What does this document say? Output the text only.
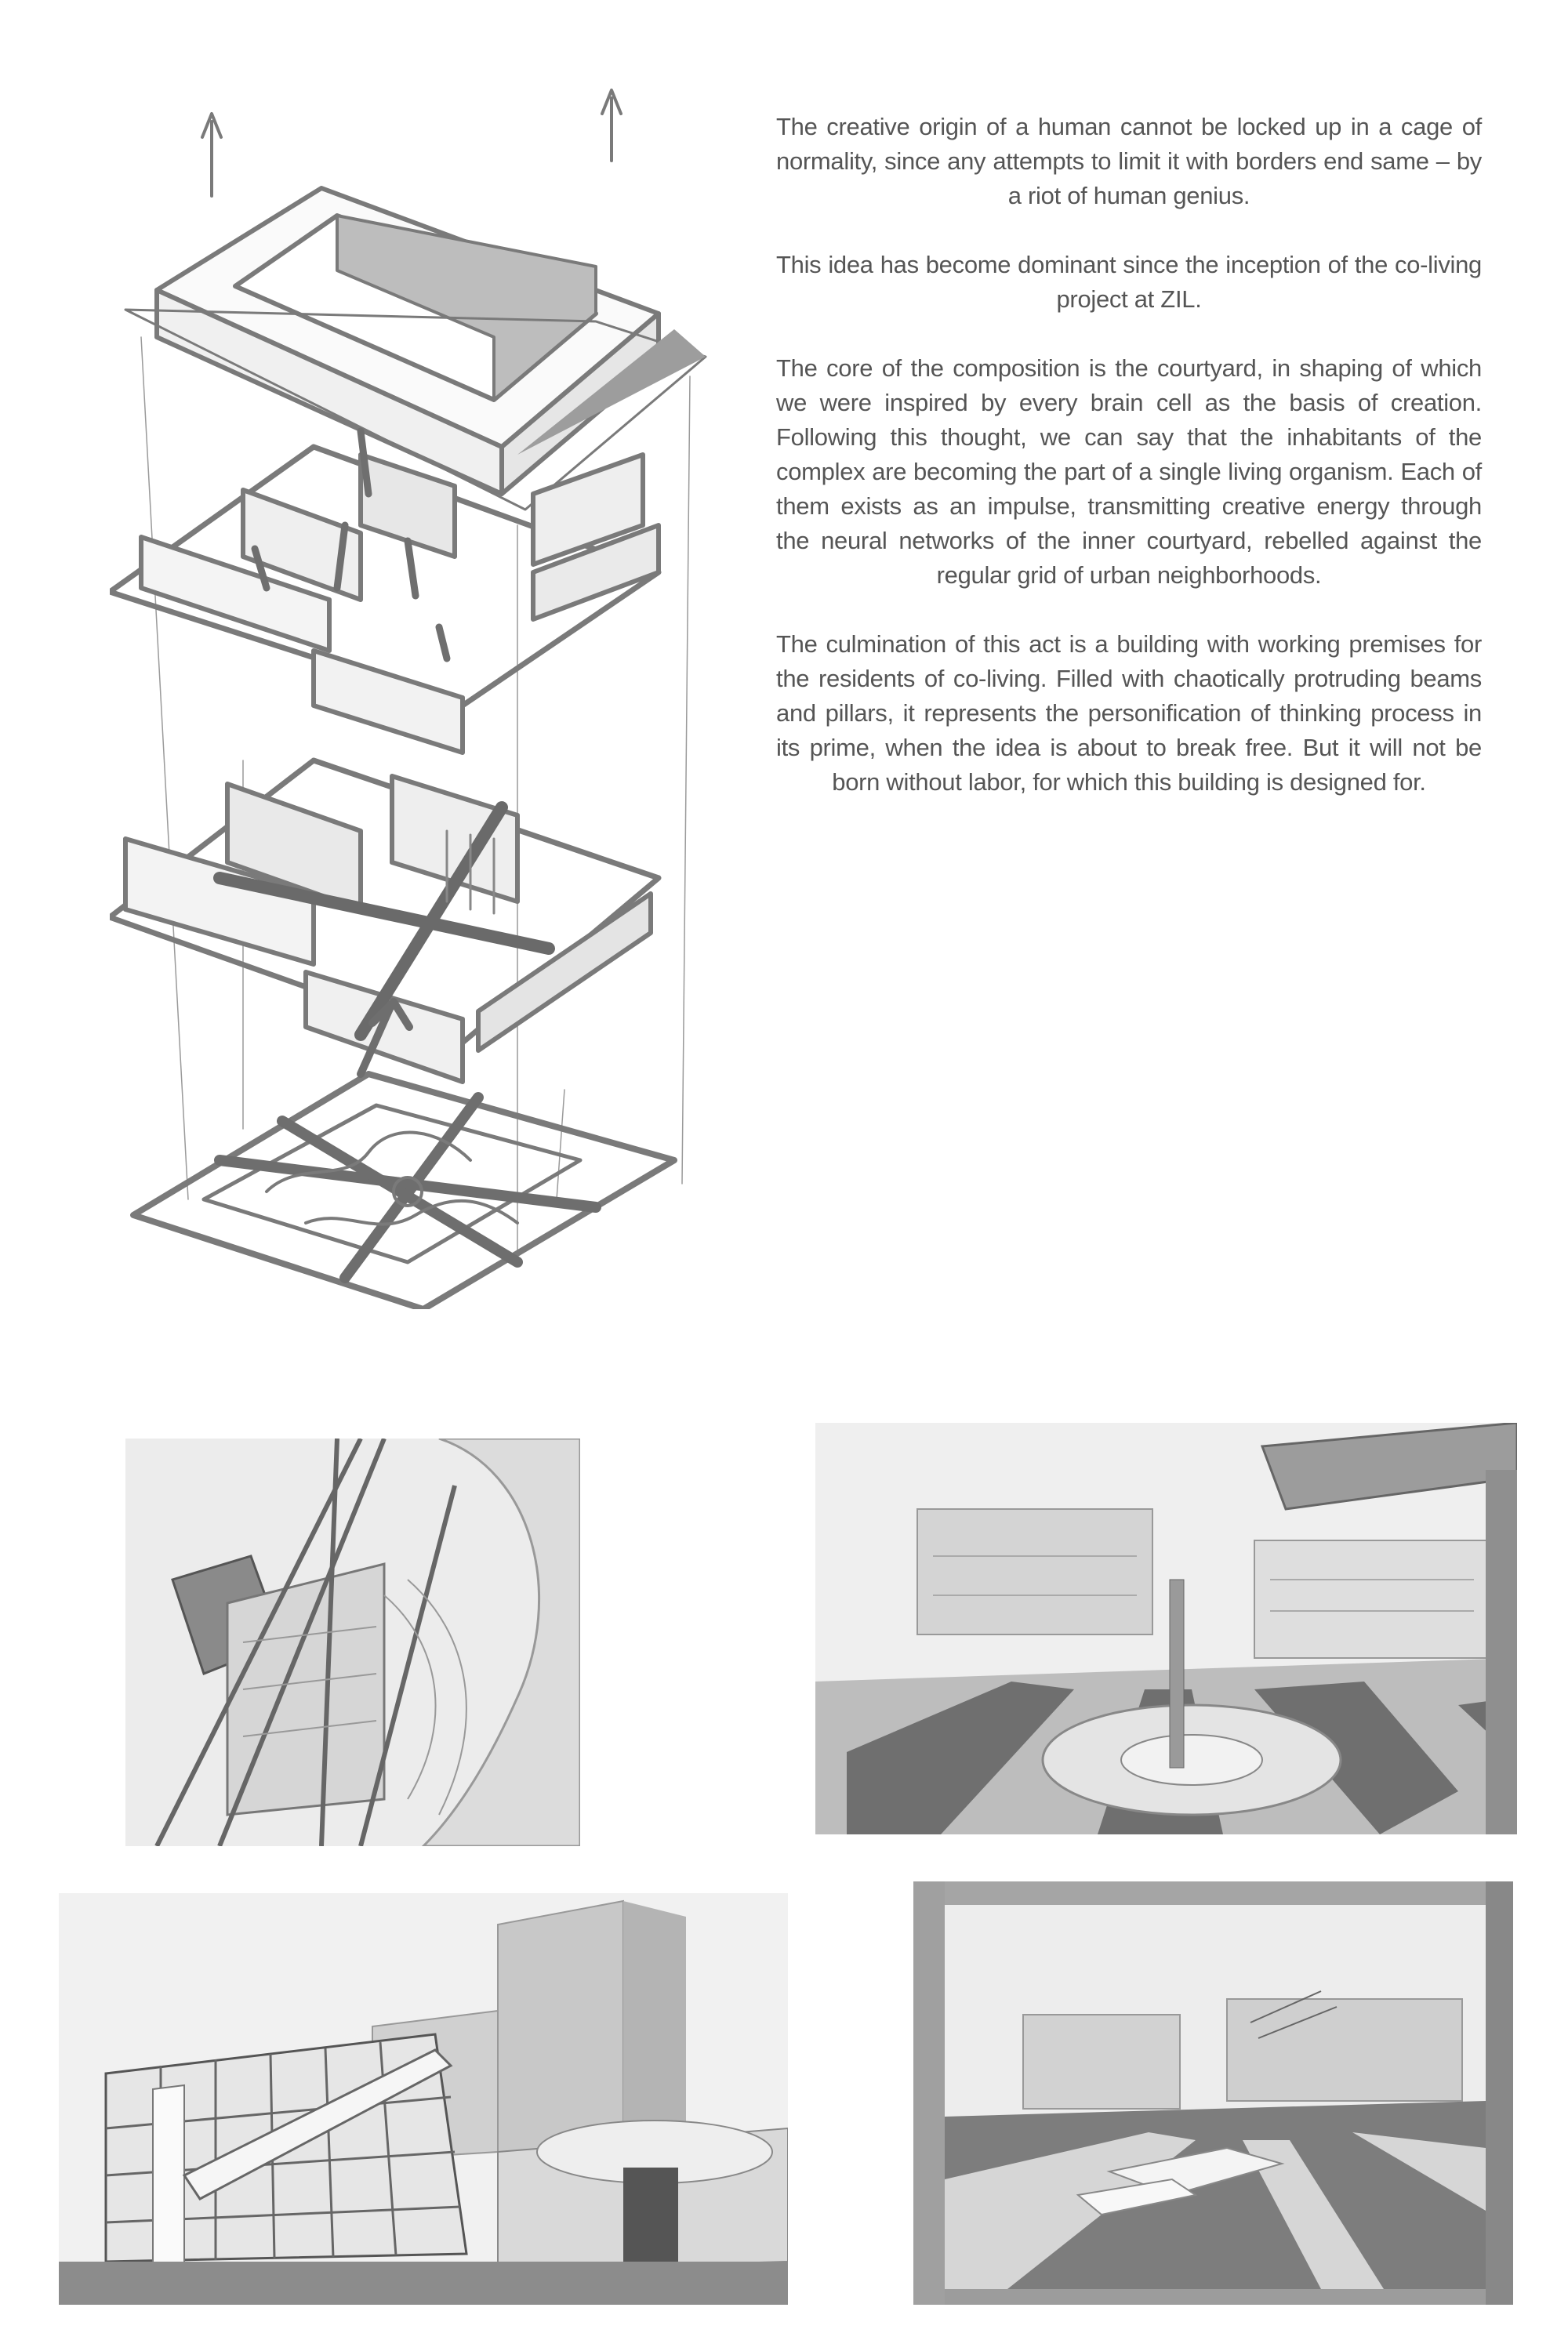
The creative origin of a human cannot be locked up in a cage of normality, since any attempts to limit it with borders end same – by a riot of human genius.

This idea has become dominant since the inception of the co-living project at ZIL.

The core of the composition is the courtyard, in shaping of which we were inspired by every brain cell as the basis of creation. Following this thought, we can say that the inhabitants of the complex are becoming the part of a single living organism. Each of them exists as an impulse, transmitting creative energy through the neural networks of the inner courtyard, rebelled against the regular grid of urban neighborhoods.

The culmination of this act is a building with working premises for the residents of co-living. Filled with chaotically protruding beams and pillars, it represents the personification of thinking process in its prime, when the idea is about to break free. But it will not be born without labor, for which this building is designed for.
